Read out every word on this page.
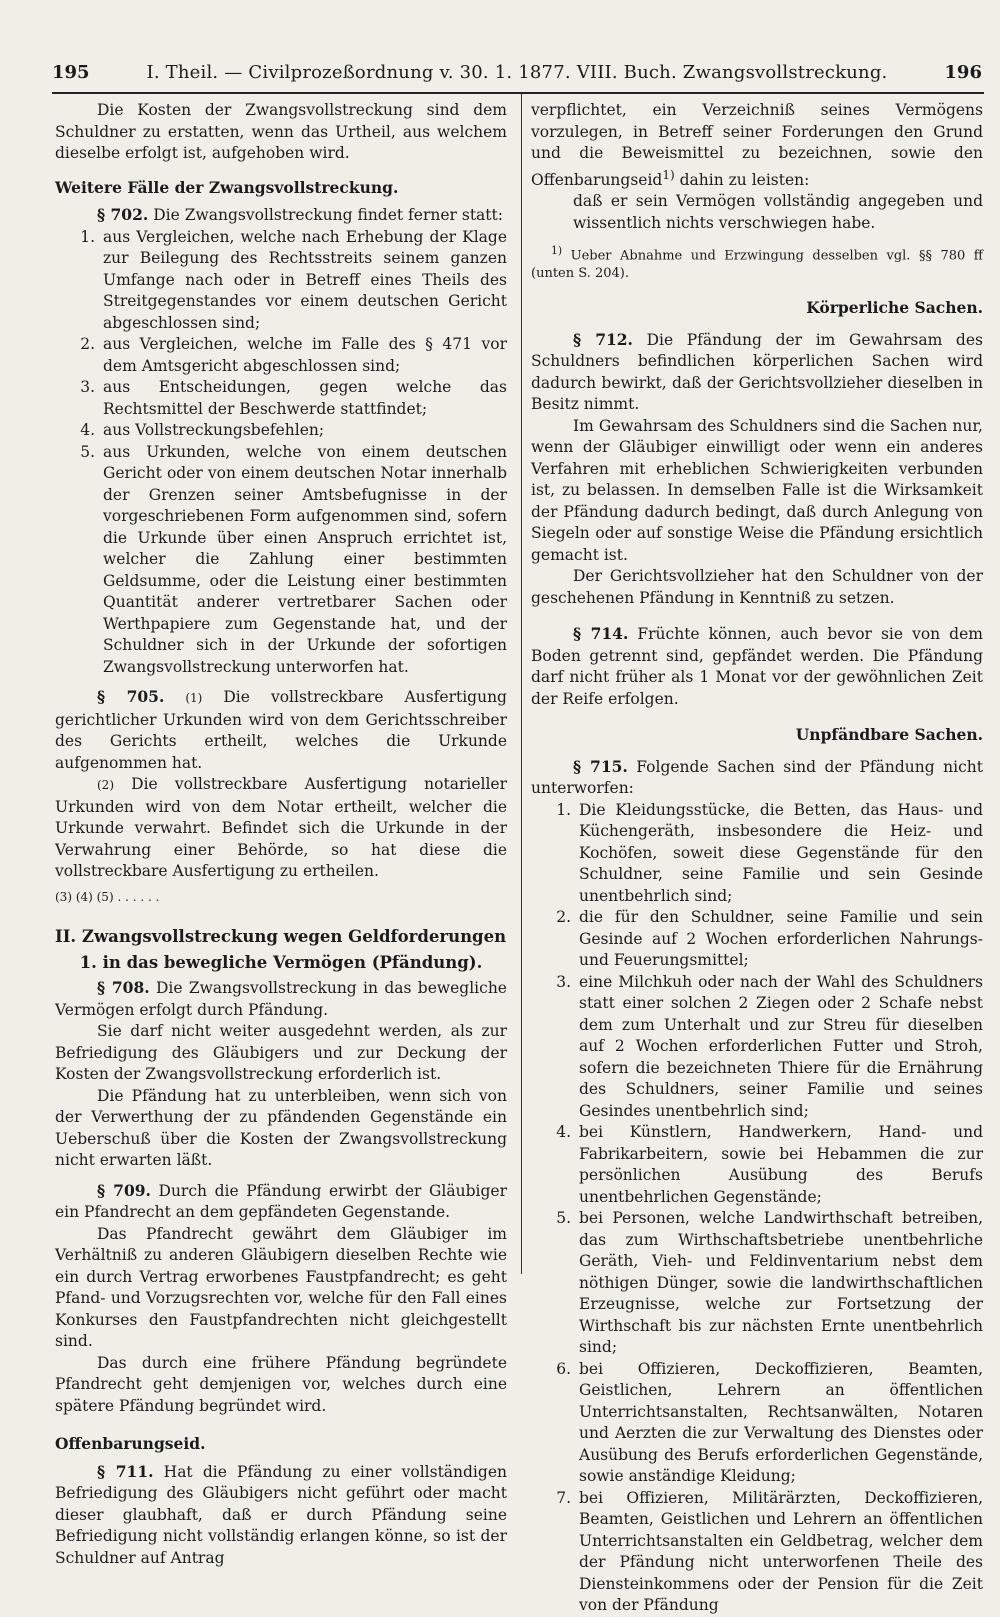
195	I. Theil. — Civilprozeßordnung v. 30. 1. 1877. VIII. Buch. Zwangsvollstreckung.	196

Die Kosten der Zwangsvollstreckung sind dem Schuldner zu erstatten, wenn das Urtheil, aus welchem dieselbe erfolgt ist, aufgehoben wird.

Weitere Fälle der Zwangsvollstreckung.

§ 702. Die Zwangsvollstreckung findet ferner statt:

1. aus Vergleichen, welche nach Erhebung der Klage zur Beilegung des Rechtsstreits seinem ganzen Umfange nach oder in Betreff eines Theils des Streitgegenstandes vor einem deutschen Gericht abgeschlossen sind;
2. aus Vergleichen, welche im Falle des § 471 vor dem Amtsgericht abgeschlossen sind;
3. aus Entscheidungen, gegen welche das Rechtsmittel der Beschwerde stattfindet;
4. aus Vollstreckungsbefehlen;
5. aus Urkunden, welche von einem deutschen Gericht oder von einem deutschen Notar innerhalb der Grenzen seiner Amtsbefugnisse in der vorgeschriebenen Form aufgenommen sind, sofern die Urkunde über einen Anspruch errichtet ist, welcher die Zahlung einer bestimmten Geldsumme, oder die Leistung einer bestimmten Quantität anderer vertretbarer Sachen oder Werthpapiere zum Gegenstande hat, und der Schuldner sich in der Urkunde der sofortigen Zwangsvollstreckung unterworfen hat.

§ 705. (1) Die vollstreckbare Ausfertigung gerichtlicher Urkunden wird von dem Gerichtsschreiber des Gerichts ertheilt, welches die Urkunde aufgenommen hat.

(2) Die vollstreckbare Ausfertigung notarieller Urkunden wird von dem Notar ertheilt, welcher die Urkunde verwahrt. Befindet sich die Urkunde in der Verwahrung einer Behörde, so hat diese die vollstreckbare Ausfertigung zu ertheilen.

(3) (4) (5) . . . . . .

II. Zwangsvollstreckung wegen Geldforderungen
1. in das bewegliche Vermögen (Pfändung).

§ 708. Die Zwangsvollstreckung in das bewegliche Vermögen erfolgt durch Pfändung.

Sie darf nicht weiter ausgedehnt werden, als zur Befriedigung des Gläubigers und zur Deckung der Kosten der Zwangsvollstreckung erforderlich ist.

Die Pfändung hat zu unterbleiben, wenn sich von der Verwerthung der zu pfändenden Gegenstände ein Ueberschuß über die Kosten der Zwangsvollstreckung nicht erwarten läßt.

§ 709. Durch die Pfändung erwirbt der Gläubiger ein Pfandrecht an dem gepfändeten Gegenstande.

Das Pfandrecht gewährt dem Gläubiger im Verhältniß zu anderen Gläubigern dieselben Rechte wie ein durch Vertrag erworbenes Faustpfandrecht; es geht Pfand- und Vorzugsrechten vor, welche für den Fall eines Konkurses den Faustpfandrechten nicht gleichgestellt sind.

Das durch eine frühere Pfändung begründete Pfandrecht geht demjenigen vor, welches durch eine spätere Pfändung begründet wird.

Offenbarungseid.

§ 711. Hat die Pfändung zu einer vollständigen Befriedigung des Gläubigers nicht geführt oder macht dieser glaubhaft, daß er durch Pfändung seine Befriedigung nicht vollständig erlangen könne, so ist der Schuldner auf Antrag

verpflichtet, ein Verzeichniß seines Vermögens vorzulegen, in Betreff seiner Forderungen den Grund und die Beweismittel zu bezeichnen, sowie den Offenbarungseid$^{1)}$ dahin zu leisten:

daß er sein Vermögen vollständig angegeben und wissentlich nichts verschwiegen habe.

$^{1)}$ Ueber Abnahme und Erzwingung desselben vgl. §§ 780 ff (unten S. 204).

Körperliche Sachen.

§ 712. Die Pfändung der im Gewahrsam des Schuldners befindlichen körperlichen Sachen wird dadurch bewirkt, daß der Gerichtsvollzieher dieselben in Besitz nimmt.

Im Gewahrsam des Schuldners sind die Sachen nur, wenn der Gläubiger einwilligt oder wenn ein anderes Verfahren mit erheblichen Schwierigkeiten verbunden ist, zu belassen. In demselben Falle ist die Wirksamkeit der Pfändung dadurch bedingt, daß durch Anlegung von Siegeln oder auf sonstige Weise die Pfändung ersichtlich gemacht ist.

Der Gerichtsvollzieher hat den Schuldner von der geschehenen Pfändung in Kenntniß zu setzen.

§ 714. Früchte können, auch bevor sie von dem Boden getrennt sind, gepfändet werden. Die Pfändung darf nicht früher als 1 Monat vor der gewöhnlichen Zeit der Reife erfolgen.

Unpfändbare Sachen.

§ 715. Folgende Sachen sind der Pfändung nicht unterworfen:

1. Die Kleidungsstücke, die Betten, das Haus- und Küchengeräth, insbesondere die Heiz- und Kochöfen, soweit diese Gegenstände für den Schuldner, seine Familie und sein Gesinde unentbehrlich sind;
2. die für den Schuldner, seine Familie und sein Gesinde auf 2 Wochen erforderlichen Nahrungs- und Feuerungsmittel;
3. eine Milchkuh oder nach der Wahl des Schuldners statt einer solchen 2 Ziegen oder 2 Schafe nebst dem zum Unterhalt und zur Streu für dieselben auf 2 Wochen erforderlichen Futter und Stroh, sofern die bezeichneten Thiere für die Ernährung des Schuldners, seiner Familie und seines Gesindes unentbehrlich sind;
4. bei Künstlern, Handwerkern, Hand- und Fabrikarbeitern, sowie bei Hebammen die zur persönlichen Ausübung des Berufs unentbehrlichen Gegenstände;
5. bei Personen, welche Landwirthschaft betreiben, das zum Wirthschaftsbetriebe unentbehrliche Geräth, Vieh- und Feldinventarium nebst dem nöthigen Dünger, sowie die landwirthschaftlichen Erzeugnisse, welche zur Fortsetzung der Wirthschaft bis zur nächsten Ernte unentbehrlich sind;
6. bei Offizieren, Deckoffizieren, Beamten, Geistlichen, Lehrern an öffentlichen Unterrichtsanstalten, Rechtsanwälten, Notaren und Aerzten die zur Verwaltung des Dienstes oder Ausübung des Berufs erforderlichen Gegenstände, sowie anständige Kleidung;
7. bei Offizieren, Militärärzten, Deckoffizieren, Beamten, Geistlichen und Lehrern an öffentlichen Unterrichtsanstalten ein Geldbetrag, welcher dem der Pfändung nicht unterworfenen Theile des Diensteinkommens oder der Pension für die Zeit von der Pfändung
